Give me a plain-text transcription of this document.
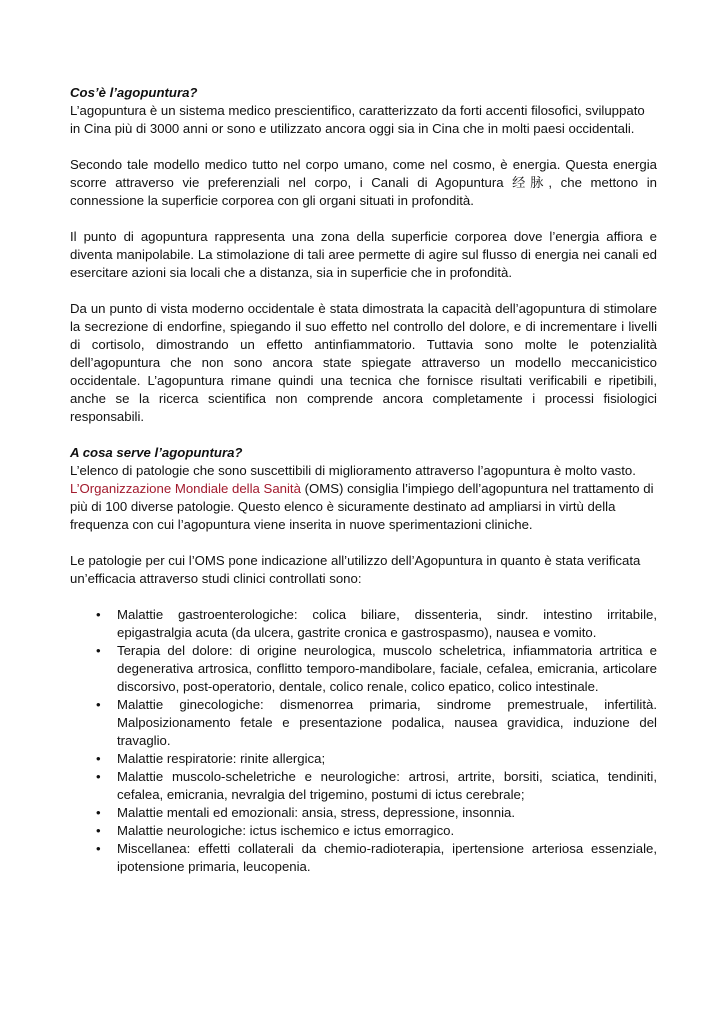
Cos’è l’agopuntura?

L’agopuntura è un sistema medico prescientifico, caratterizzato da forti accenti filosofici, sviluppato in Cina più di 3000 anni or sono e utilizzato ancora oggi sia in Cina che in molti paesi occidentali.

Secondo tale modello medico tutto nel corpo umano, come nel cosmo, è energia. Questa energia scorre attraverso vie preferenziali nel corpo, i Canali di Agopuntura 经脉, che mettono in connessione la superficie corporea con gli organi situati in profondità.

Il punto di agopuntura rappresenta una zona della superficie corporea dove l’energia affiora e diventa manipolabile. La stimolazione di tali aree permette di agire sul flusso di energia nei canali ed esercitare azioni sia locali che a distanza, sia in superficie che in profondità.

Da un punto di vista moderno occidentale è stata dimostrata la capacità dell’agopuntura di stimolare la secrezione di endorfine, spiegando il suo effetto nel controllo del dolore, e di incrementare i livelli di cortisolo, dimostrando un effetto antinfiammatorio. Tuttavia sono molte le potenzialità dell’agopuntura che non sono ancora state spiegate attraverso un modello meccanicistico occidentale. L’agopuntura rimane quindi una tecnica che fornisce risultati verificabili e ripetibili, anche se la ricerca scientifica non comprende ancora completamente i processi fisiologici responsabili.

A cosa serve l’agopuntura?

L’elenco di patologie che sono suscettibili di miglioramento attraverso l’agopuntura è molto vasto. L’Organizzazione Mondiale della Sanità (OMS) consiglia l’impiego dell’agopuntura nel trattamento di più di 100 diverse patologie. Questo elenco è sicuramente destinato ad ampliarsi in virtù della frequenza con cui l’agopuntura viene inserita in nuove sperimentazioni cliniche.

Le patologie per cui l’OMS pone indicazione all’utilizzo dell’Agopuntura in quanto è stata verificata un’efficacia attraverso studi clinici controllati sono:

• Malattie gastroenterologiche: colica biliare, dissenteria, sindr. intestino irritabile, epigastralgia acuta (da ulcera, gastrite cronica e gastrospasmo), nausea e vomito.
• Terapia del dolore: di origine neurologica, muscolo scheletrica, infiammatoria artritica e degenerativa artrosica, conflitto temporo-mandibolare, faciale, cefalea, emicrania, articolare discorsivo, post-operatorio, dentale, colico renale, colico epatico, colico intestinale.
• Malattie ginecologiche: dismenorrea primaria, sindrome premestruale, infertilità. Malposizionamento fetale e presentazione podalica, nausea gravidica, induzione del travaglio.
• Malattie respiratorie: rinite allergica;
• Malattie muscolo-scheletriche e neurologiche: artrosi, artrite, borsiti, sciatica, tendiniti, cefalea, emicrania, nevralgia del trigemino, postumi di ictus cerebrale;
• Malattie mentali ed emozionali: ansia, stress, depressione, insonnia.
• Malattie neurologiche: ictus ischemico e ictus emorragico.
• Miscellanea: effetti collaterali da chemio-radioterapia, ipertensione arteriosa essenziale, ipotensione primaria, leucopenia.
